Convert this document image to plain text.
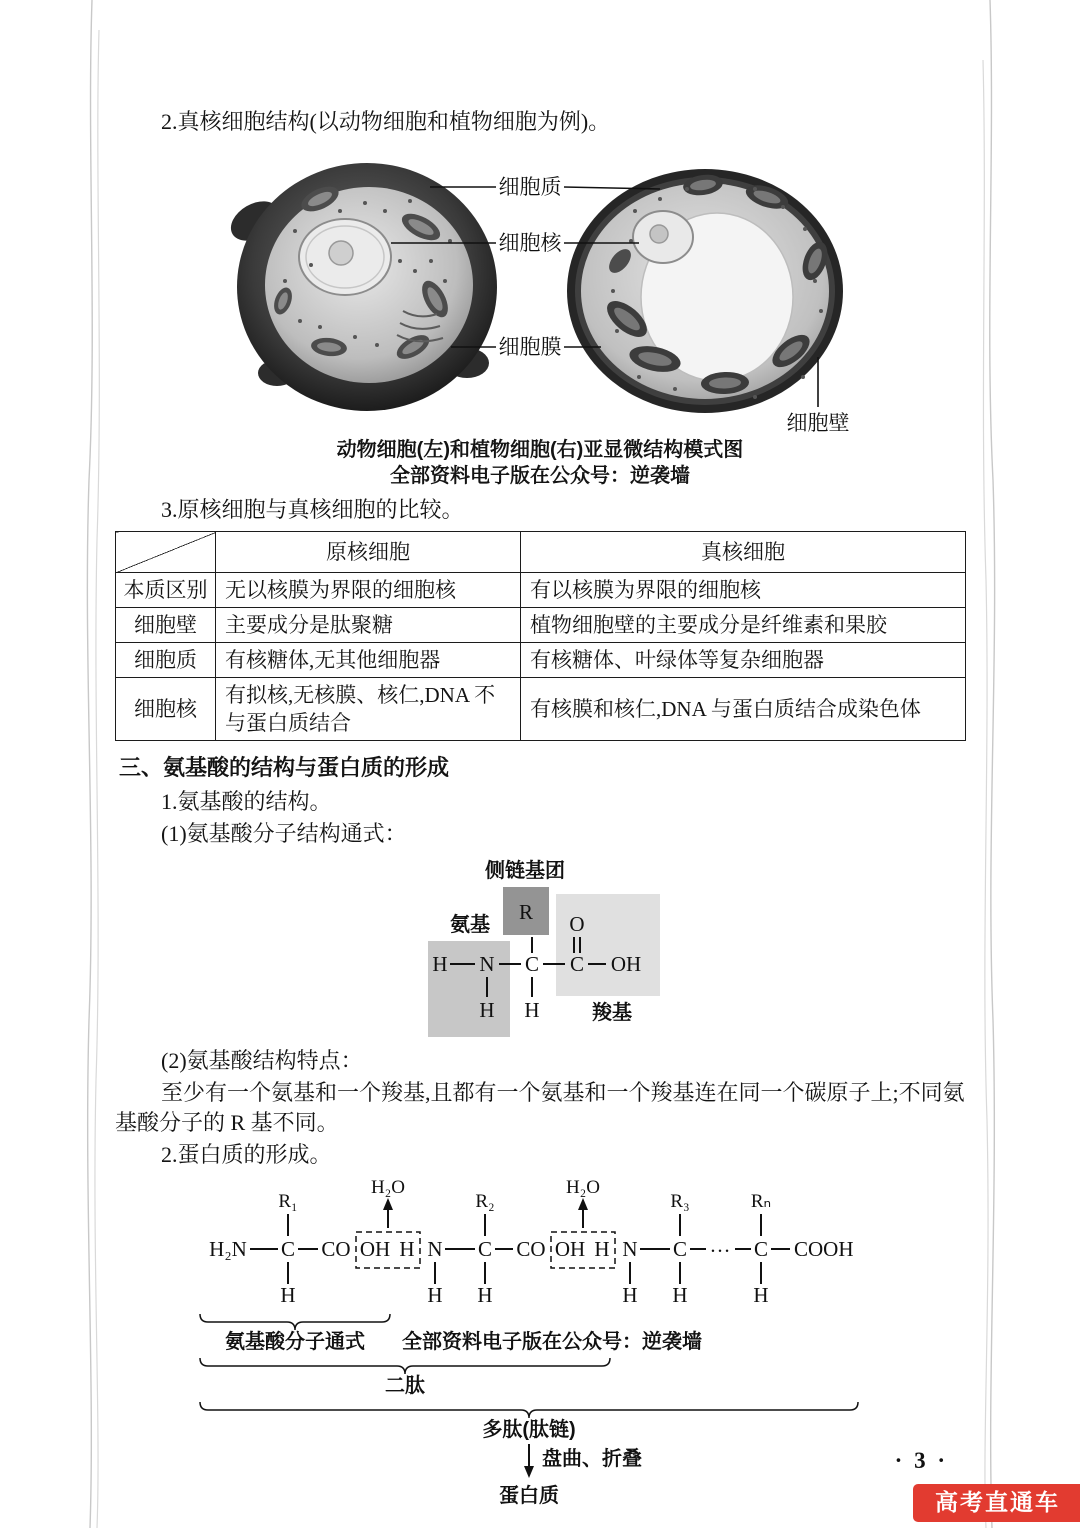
2.真核细胞结构(以动物细胞和植物细胞为例)。

细胞质
细胞核
细胞膜
细胞壁

动物细胞(左)和植物细胞(右)亚显微结构模式图

全部资料电子版在公众号：逆袭墙

3.原核细胞与真核细胞的比较。

	原核细胞	真核细胞
本质区别	无以核膜为界限的细胞核	有以核膜为界限的细胞核
细胞壁	主要成分是肽聚糖	植物细胞壁的主要成分是纤维素和果胶
细胞质	有核糖体,无其他细胞器	有核糖体、叶绿体等复杂细胞器
细胞核	有拟核,无核膜、核仁,DNA 不与蛋白质结合	有核膜和核仁,DNA 与蛋白质结合成染色体

三、氨基酸的结构与蛋白质的形成

1.氨基酸的结构。

(1)氨基酸分子结构通式：

H N C C OH
O
R
H H
侧链基团
氨基
羧基

(2)氨基酸结构特点：

至少有一个氨基和一个羧基,且都有一个氨基和一个羧基连在同一个碳原子上;不同氨基酸分子的 R 基不同。

2.蛋白质的形成。

H₂N C CO OH H N C CO OH H N C … C COOH
R₁	R₂	R₃	Rₙ
H₂O	H₂O
H	H H	H H	H
氨基酸分子通式 全部资料电子版在公众号：逆袭墙
二肽
多肽(肽链)
盘曲、折叠
蛋白质
· 3 ·
高考直通车
